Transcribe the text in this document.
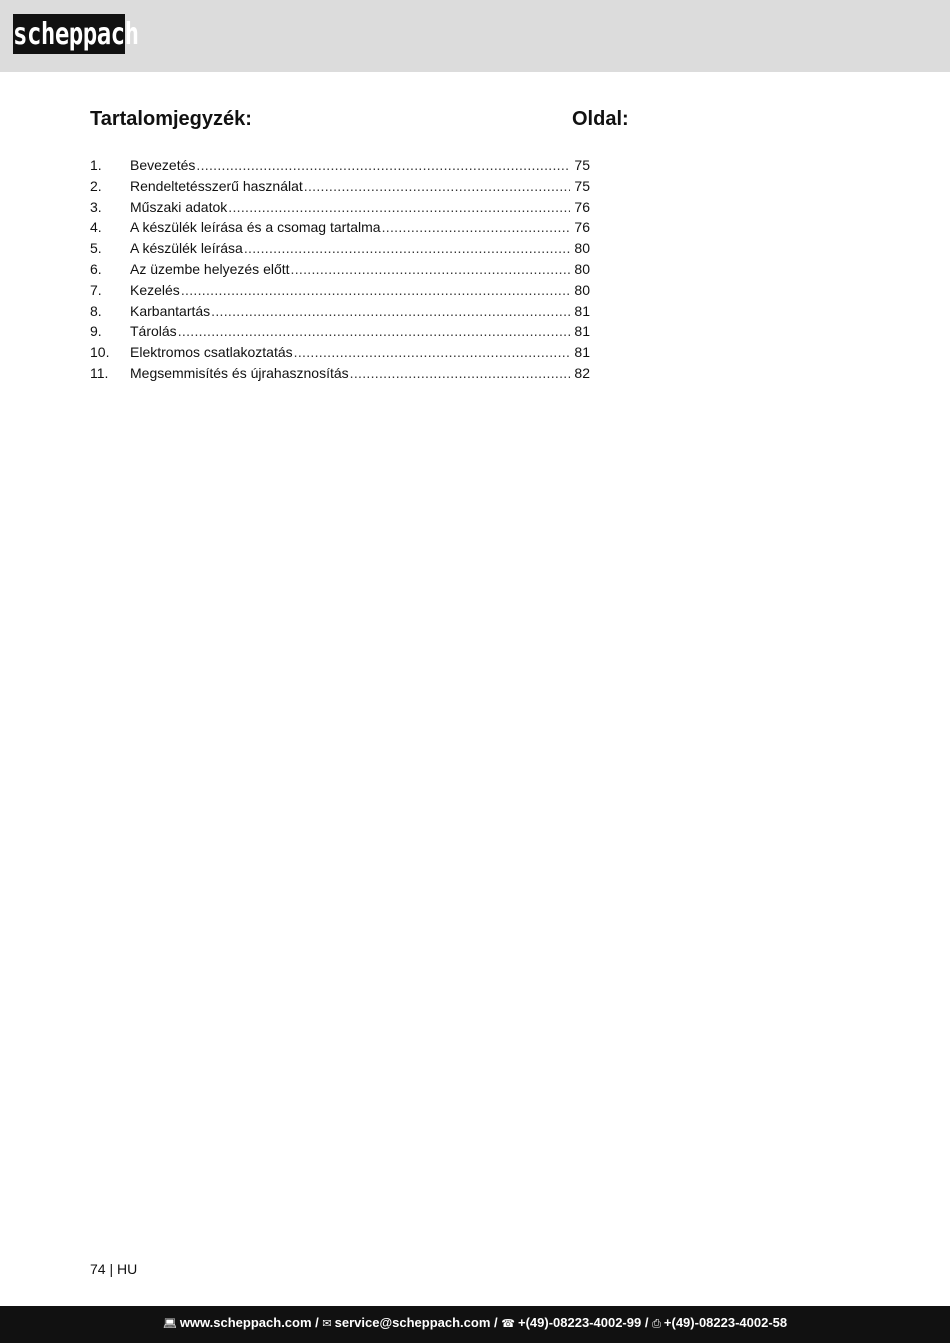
scheppach
Tartalomjegyzék:	Oldal:
1.	Bevezetés .....	75
2.	Rendeltetésszerű használat .....	75
3.	Műszaki adatok .....	76
4.	A készülék leírása és a csomag tartalma .....	76
5.	A készülék leírása .....	80
6.	Az üzembe helyezés előtt .....	80
7.	Kezelés .....	80
8.	Karbantartás .....	81
9.	Tárolás .....	81
10.	Elektromos csatlakoztatás .....	81
11.	Megsemmisítés és újrahasznosítás .....	82
74 | HU
💻︎ www.scheppach.com / ✉ service@scheppach.com / ☎ +(49)-08223-4002-99 / ⎙ +(49)-08223-4002-58
